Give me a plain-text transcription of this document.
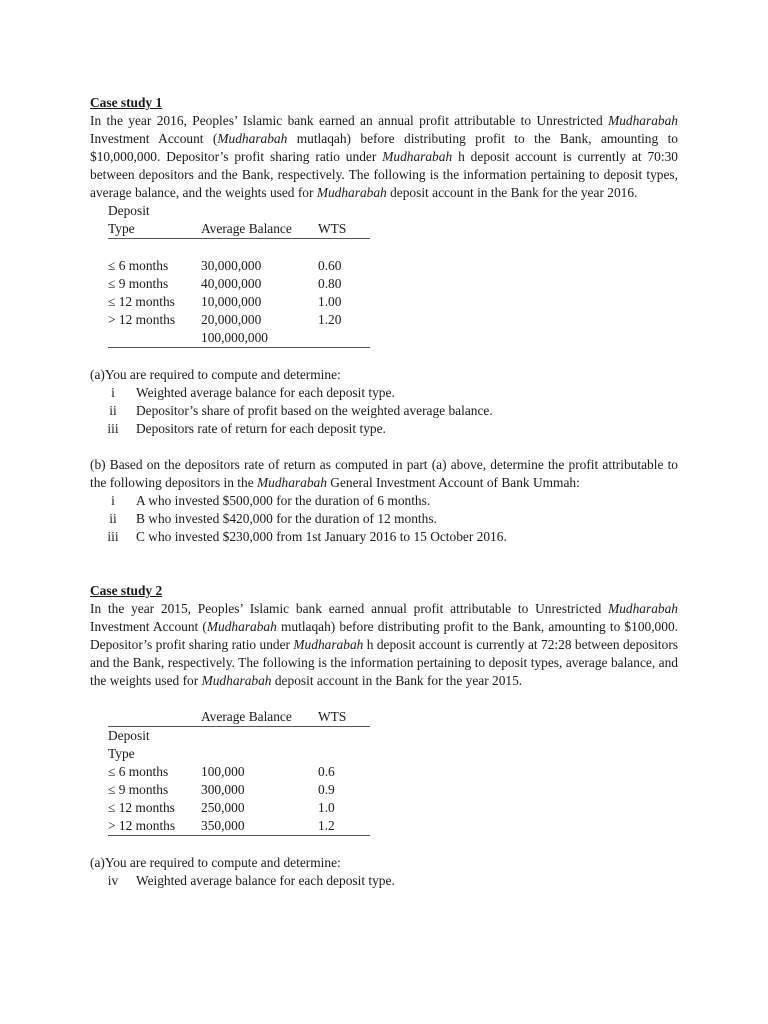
Case study 1
In the year 2016, Peoples’ Islamic bank earned an annual profit attributable to Unrestricted Mudharabah Investment Account (Mudharabah mutlaqah) before distributing profit to the Bank, amounting to $10,000,000. Depositor’s profit sharing ratio under Mudharabah h deposit account is currently at 70:30 between depositors and the Bank, respectively. The following is the information pertaining to deposit types, average balance, and the weights used for Mudharabah deposit account in the Bank for the year 2016.
Deposit		
Type	Average Balance	WTS

≤ 6 months	30,000,000	0.60
≤ 9 months	40,000,000	0.80
≤ 12 months	10,000,000	1.00
> 12 months	20,000,000	1.20
	100,000,000	
(a)You are required to compute and determine:
i	Weighted average balance for each deposit type.
ii	Depositor’s share of profit based on the weighted average balance.
iii	Depositors rate of return for each deposit type.
(b) Based on the depositors rate of return as computed in part (a) above, determine the profit attributable to the following depositors in the Mudharabah General Investment Account of Bank Ummah:
i	A who invested $500,000 for the duration of 6 months.
ii	B who invested $420,000 for the duration of 12 months.
iii	C who invested $230,000 from 1st January 2016 to 15 October 2016.
Case study 2
In the year 2015, Peoples’ Islamic bank earned annual profit attributable to Unrestricted Mudharabah Investment Account (Mudharabah mutlaqah) before distributing profit to the Bank, amounting to $100,000. Depositor’s profit sharing ratio under Mudharabah h deposit account is currently at 72:28 between depositors and the Bank, respectively. The following is the information pertaining to deposit types, average balance, and the weights used for Mudharabah deposit account in the Bank for the year 2015.
	Average Balance	WTS
Deposit		
Type		
≤ 6 months	100,000	0.6
≤ 9 months	300,000	0.9
≤ 12 months	250,000	1.0
> 12 months	350,000	1.2
(a)You are required to compute and determine:
iv	Weighted average balance for each deposit type.
